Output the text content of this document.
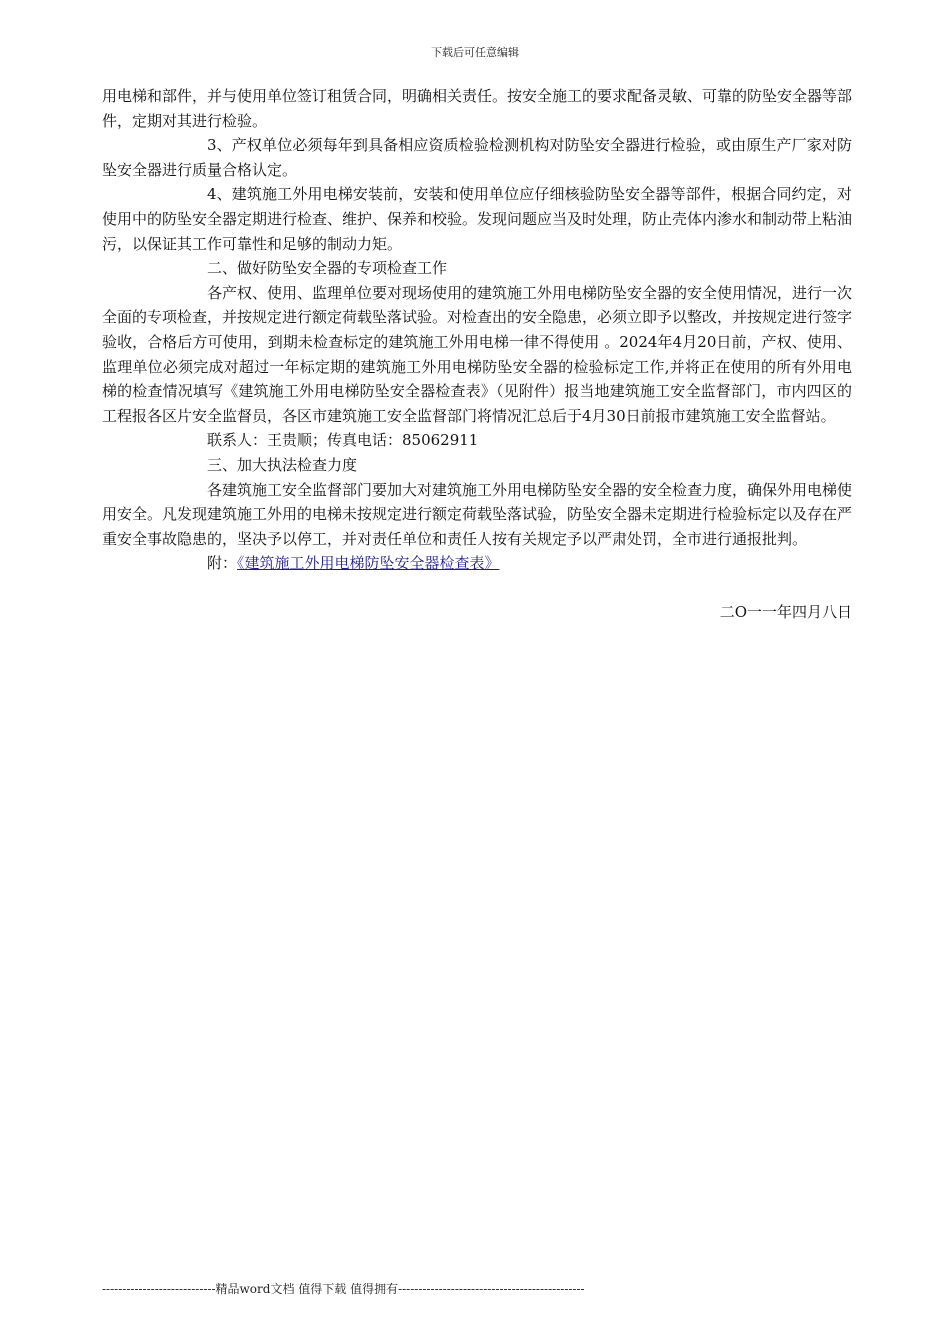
下载后可任意编辑

用电梯和部件，并与使用单位签订租赁合同，明确相关责任。按安全施工的要求配备灵敏、可靠的防坠安全器等部件，定期对其进行检验。

3、产权单位必须每年到具备相应资质检验检测机构对防坠安全器进行检验，或由原生产厂家对防坠安全器进行质量合格认定。

4、建筑施工外用电梯安装前，安装和使用单位应仔细核验防坠安全器等部件，根据合同约定，对使用中的防坠安全器定期进行检查、维护、保养和校验。发现问题应当及时处理，防止壳体内渗水和制动带上粘油污，以保证其工作可靠性和足够的制动力矩。

二、做好防坠安全器的专项检查工作

各产权、使用、监理单位要对现场使用的建筑施工外用电梯防坠安全器的安全使用情况，进行一次全面的专项检查，并按规定进行额定荷载坠落试验。对检查出的安全隐患，必须立即予以整改，并按规定进行签字验收，合格后方可使用，到期未检查标定的建筑施工外用电梯一律不得使用 。2024年4月20日前，产权、使用、监理单位必须完成对超过一年标定期的建筑施工外用电梯防坠安全器的检验标定工作,并将正在使用的所有外用电梯的检查情况填写《建筑施工外用电梯防坠安全器检查表》（见附件）报当地建筑施工安全监督部门，市内四区的工程报各区片安全监督员，各区市建筑施工安全监督部门将情况汇总后于4月30日前报市建筑施工安全监督站。

联系人：王贵顺；传真电话：85062911

三、加大执法检查力度

各建筑施工安全监督部门要加大对建筑施工外用电梯防坠安全器的安全检查力度，确保外用电梯使用安全。凡发现建筑施工外用的电梯未按规定进行额定荷载坠落试验，防坠安全器未定期进行检验标定以及存在严重安全事故隐患的，坚决予以停工，并对责任单位和责任人按有关规定予以严肃处罚，全市进行通报批判。

附：《建筑施工外用电梯防坠安全器检查表》

二O一一年四月八日

----------------------------精品word文档 值得下载 值得拥有----------------------------------------------
